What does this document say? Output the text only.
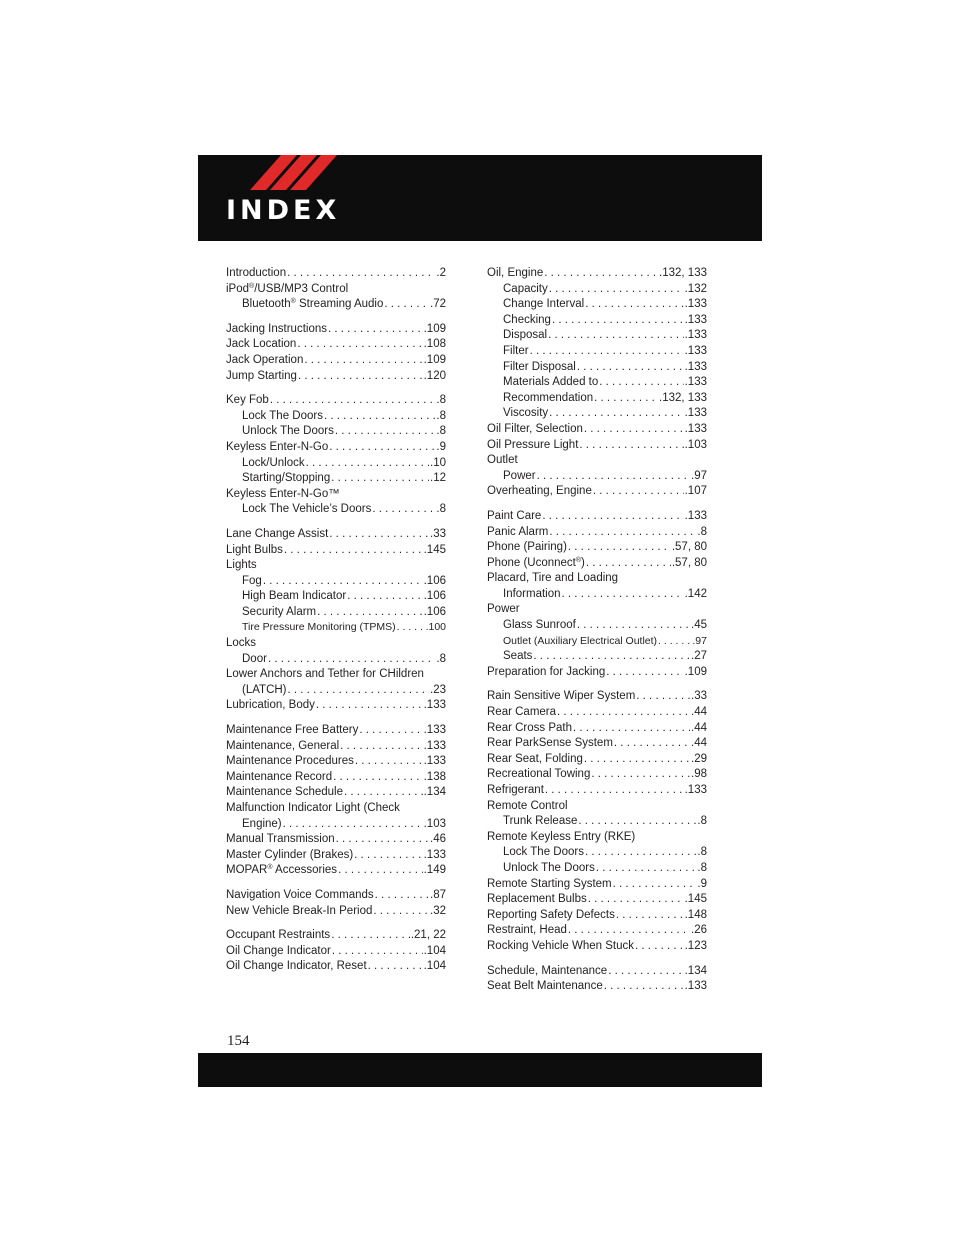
INDEX
Introduction . . .	.2
iPod®/USB/MP3 Control
Bluetooth® Streaming Audio . . .	.72
Jacking Instructions . . .	.109
Jack Location . . .	.108
Jack Operation . . .	.109
Jump Starting . . .	.120
Key Fob . . .	.8
Lock The Doors . . .	.8
Unlock The Doors . . .	.8
Keyless Enter-N-Go . . .	.9
Lock/Unlock . . .	.10
Starting/Stopping . . .	.12
Keyless Enter-N-Go™
Lock The Vehicle’s Doors . . .	.8
Lane Change Assist . . .	.33
Light Bulbs . . .	.145
Lights
Fog . . .	.106
High Beam Indicator . . .	.106
Security Alarm . . .	.106
Tire Pressure Monitoring (TPMS) . . .	.100
Locks
Door . . .	.8
Lower Anchors and Tether for CHildren
(LATCH) . . .	.23
Lubrication, Body . . .	.133
Maintenance Free Battery . . .	.133
Maintenance, General . . .	.133
Maintenance Procedures . . .	.133
Maintenance Record . . .	.138
Maintenance Schedule . . .	.134
Malfunction Indicator Light (Check
Engine) . . .	.103
Manual Transmission . . .	.46
Master Cylinder (Brakes) . . .	.133
MOPAR® Accessories . . .	.149
Navigation Voice Commands . . .	.87
New Vehicle Break-In Period . . .	.32
Occupant Restraints . . .	.21, 22
Oil Change Indicator . . .	.104
Oil Change Indicator, Reset . . .	.104
Oil, Engine . . .	.132, 133
Capacity . . .	.132
Change Interval . . .	.133
Checking . . .	.133
Disposal . . .	.133
Filter . . .	.133
Filter Disposal . . .	.133
Materials Added to . . .	.133
Recommendation . . .	.132, 133
Viscosity . . .	.133
Oil Filter, Selection . . .	.133
Oil Pressure Light . . .	.103
Outlet
Power . . .	.97
Overheating, Engine . . .	.107
Paint Care . . .	.133
Panic Alarm . . .	.8
Phone (Pairing) . . .	.57, 80
Phone (Uconnect®) . . .	.57, 80
Placard, Tire and Loading
Information . . .	.142
Power
Glass Sunroof . . .	.45
Outlet (Auxiliary Electrical Outlet) . . .	.97
Seats . . .	.27
Preparation for Jacking . . .	.109
Rain Sensitive Wiper System . . .	.33
Rear Camera . . .	.44
Rear Cross Path . . .	.44
Rear ParkSense System . . .	.44
Rear Seat, Folding . . .	.29
Recreational Towing . . .	.98
Refrigerant . . .	.133
Remote Control
Trunk Release . . .	.8
Remote Keyless Entry (RKE)
Lock The Doors . . .	.8
Unlock The Doors . . .	.8
Remote Starting System . . .	.9
Replacement Bulbs . . .	.145
Reporting Safety Defects . . .	.148
Restraint, Head . . .	.26
Rocking Vehicle When Stuck . . .	.123
Schedule, Maintenance . . .	.134
Seat Belt Maintenance . . .	.133
154
